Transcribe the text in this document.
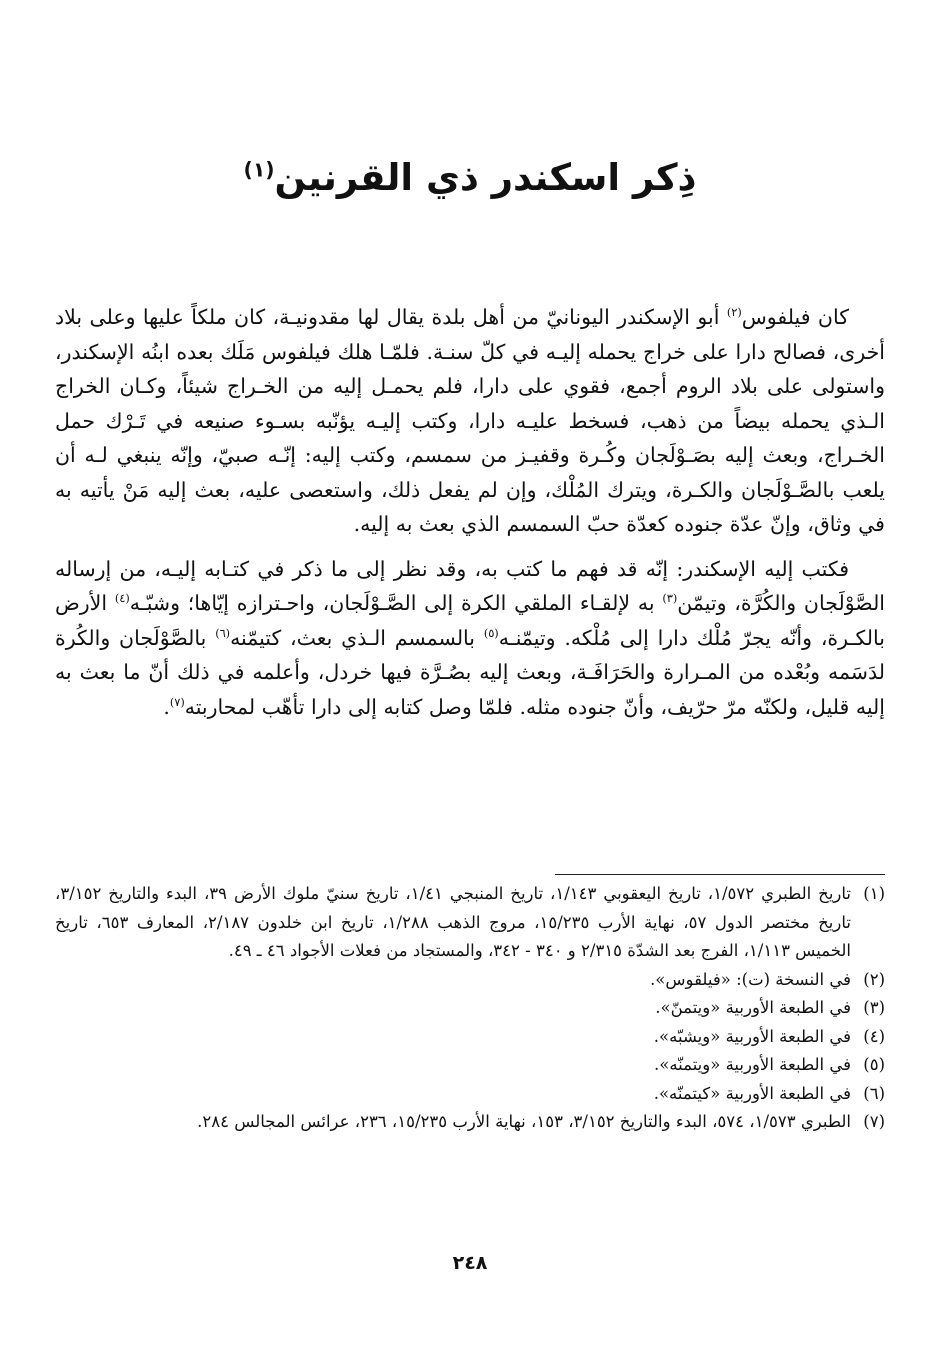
ذِكر اسكندر ذي القرنين$^{(١)}$

كان فيلفوس$^{(٢)}$ أبو الإسكندر اليونانيّ من أهل بلدة يقال لها مقدونيـة، كان ملكاً عليها وعلى بلاد أخرى، فصالح دارا على خراج يحمله إليـه في كلّ سنـة. فلمّـا هلك فيلفوس مَلَك بعده ابنُه الإسكندر، واستولى على بلاد الروم أجمع، فقوي على دارا، فلم يحمـل إليه من الخـراج شيئاً، وكـان الخراج الـذي يحمله بيضاً من ذهب، فسخط عليـه دارا، وكتب إليـه يؤنّبه بسـوء صنيعه في تَـرْك حمل الخـراج، وبعث إليه بصَـوْلَجان وكُـرة وقفيـز من سمسم، وكتب إليه: إنّـه صبيّ، وإنّه ينبغي لـه أن يلعب بالصَّـوْلَجان والكـرة، ويترك المُلْك، وإن لم يفعل ذلك، واستعصى عليه، بعث إليه مَنْ يأتيه به في وثاق، وإنّ عدّة جنوده كعدّة حبّ السمسم الذي بعث به إليه.

فكتب إليه الإسكندر: إنّه قد فهم ما كتب به، وقد نظر إلى ما ذكر في كتـابه إليـه، من إرساله الصَّوْلَجان والكُرَّة، وتيمّن$^{(٣)}$ به لإلقـاء الملقي الكرة إلى الصَّـوْلَجان، واحـترازه إيّاها؛ وشبّـه$^{(٤)}$ الأرض بالكـرة، وأنّه يجرّ مُلْك دارا إلى مُلْكه. وتيمّنـه$^{(٥)}$ بالسمسم الـذي بعث، كتيمّنه$^{(٦)}$ بالصَّوْلَجان والكُرة لدَسَمه وبُعْده من المـرارة والحَرَافَـة، وبعث إليه بصُـرَّة فيها خردل، وأعلمه في ذلك أنّ ما بعث به إليه قليل، ولكنّه مرّ حرّيف، وأنّ جنوده مثله. فلمّا وصل كتابه إلى دارا تأهّب لمحاربته$^{(٧)}$.

(١)
تاريخ الطبري ١/٥٧٢، تاريخ اليعقوبي ١/١٤٣، تاريخ المنبجي ١/٤١، تاريخ سنيّ ملوك الأرض ٣٩، البدء والتاريخ ٣/١٥٢، تاريخ مختصر الدول ٥٧، نهاية الأرب ١٥/٢٣٥، مروج الذهب ١/٢٨٨، تاريخ ابن خلدون ٢/١٨٧، المعارف ٦٥٣، تاريخ الخميس ١/١١٣، الفرج بعد الشدّة ٢/٣١٥ و ٣٤٠ - ٣٤٢، والمستجاد من فعلات الأجواد ٤٦ ـ ٤٩.
(٢)
في النسخة (ت): «فيلقوس».
(٣)
في الطبعة الأوربية «ويتمنّ».
(٤)
في الطبعة الأوربية «ويشبّه».
(٥)
في الطبعة الأوربية «ويتمنّه».
(٦)
في الطبعة الأوربية «كيتمنّه».
(٧)
الطبري ١/٥٧٣، ٥٧٤، البدء والتاريخ ٣/١٥٢، ١٥٣، نهاية الأرب ١٥/٢٣٥، ٢٣٦، عرائس المجالس ٢٨٤.
٢٤٨
